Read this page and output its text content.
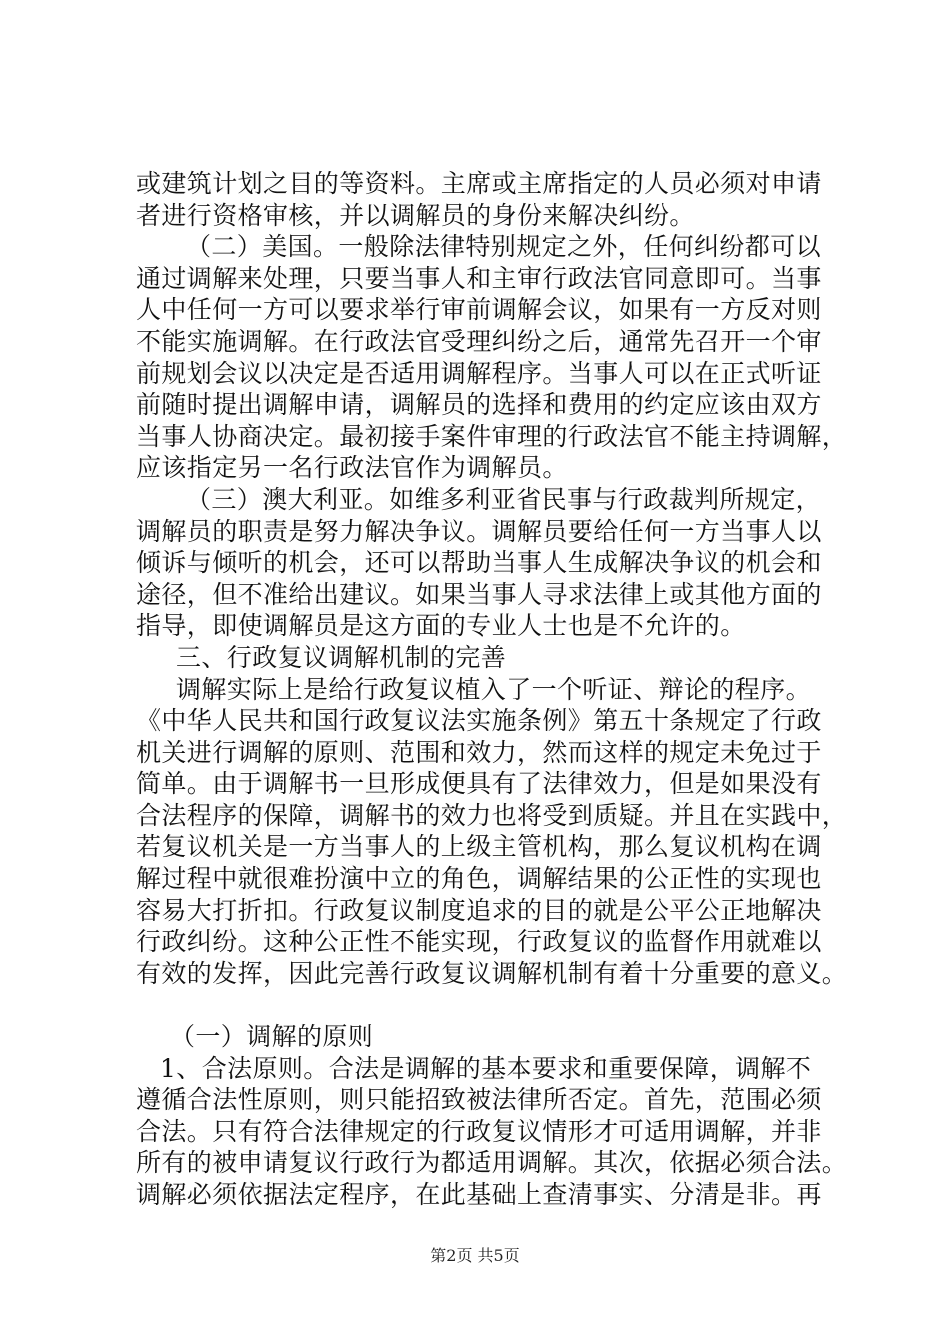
或建筑计划之目的等资料。主席或主席指定的人员必须对申请
者进行资格审核，并以调解员的身份来解决纠纷。
（二）美国。一般除法律特别规定之外，任何纠纷都可以
通过调解来处理，只要当事人和主审行政法官同意即可。当事
人中任何一方可以要求举行审前调解会议，如果有一方反对则
不能实施调解。在行政法官受理纠纷之后，通常先召开一个审
前规划会议以决定是否适用调解程序。当事人可以在正式听证
前随时提出调解申请，调解员的选择和费用的约定应该由双方
当事人协商决定。最初接手案件审理的行政法官不能主持调解，
应该指定另一名行政法官作为调解员。
（三）澳大利亚。如维多利亚省民事与行政裁判所规定，
调解员的职责是努力解决争议。调解员要给任何一方当事人以
倾诉与倾听的机会，还可以帮助当事人生成解决争议的机会和
途径，但不准给出建议。如果当事人寻求法律上或其他方面的
指导，即使调解员是这方面的专业人士也是不允许的。
三、行政复议调解机制的完善
调解实际上是给行政复议植入了一个听证、辩论的程序。
《中华人民共和国行政复议法实施条例》第五十条规定了行政
机关进行调解的原则、范围和效力，然而这样的规定未免过于
简单。由于调解书一旦形成便具有了法律效力，但是如果没有
合法程序的保障，调解书的效力也将受到质疑。并且在实践中，
若复议机关是一方当事人的上级主管机构，那么复议机构在调
解过程中就很难扮演中立的角色，调解结果的公正性的实现也
容易大打折扣。行政复议制度追求的目的就是公平公正地解决
行政纠纷。这种公正性不能实现，行政复议的监督作用就难以
有效的发挥，因此完善行政复议调解机制有着十分重要的意义。
（一）调解的原则
1、合法原则。合法是调解的基本要求和重要保障，调解不
遵循合法性原则，则只能招致被法律所否定。首先，范围必须
合法。只有符合法律规定的行政复议情形才可适用调解，并非
所有的被申请复议行政行为都适用调解。其次，依据必须合法。
调解必须依据法定程序，在此基础上查清事实、分清是非。再
第2页 共5页
